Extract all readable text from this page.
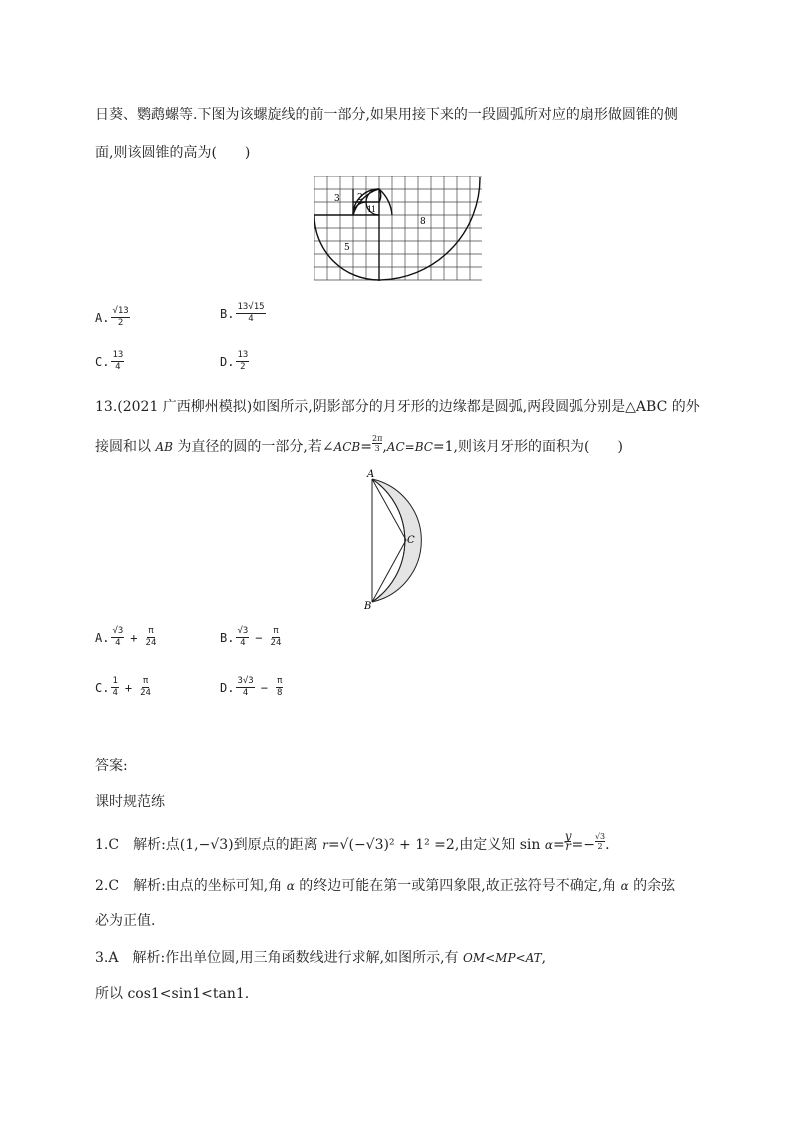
日葵、鹦鹉螺等.下图为该螺旋线的前一部分,如果用接下来的一段圆弧所对应的扇形做圆锥的侧
面,则该圆锥的高为(　　)
3 2
1
1
8
5
A. $\frac{√13}{2}$	B. $\frac{13√15}{4}$
C. $\frac{13}{4}$	D. $\frac{13}{2}$
13.(2021 广西柳州模拟)如图所示,阴影部分的月牙形的边缘都是圆弧,两段圆弧分别是△ABC 的外
接圆和以 AB 为直径的圆的一部分,若∠ACB= $\frac{2\pi}{3} ,AC=BC=1$,则该月牙形的面积为(　　)
A
B
C
A. $\frac{√3}{4} + \frac{\pi}{24}$	B. $\frac{√3}{4} - \frac{\pi}{24}$
C. $\frac{1}{4} + \frac{\pi}{24}$	D. $\frac{3√3}{4} - \frac{\pi}{8}$
答案:
课时规范练
1.C　解析:点(1,−√3)到原点的距离 r=√(−√3)² + 1² =2,由定义知 $\sin \alpha= \frac{y}{r} =- \frac{√3}{2}$ .
2.C　解析:由点的坐标可知,角 α 的终边可能在第一或第四象限,故正弦符号不确定,角 α 的余弦
必为正值.
3.A　解析:作出单位圆,用三角函数线进行求解,如图所示,有 OM<MP<AT,
所以 cos1<sin1<tan1.
